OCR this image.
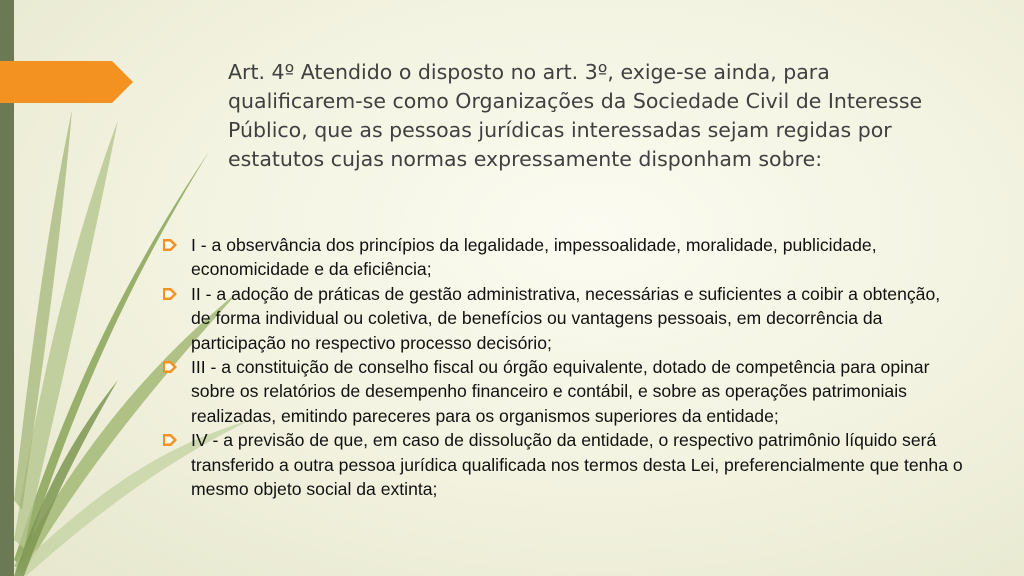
Art. 4º Atendido o disposto no art. 3º, exige-se ainda, para qualificarem-se como Organizações da Sociedade Civil de Interesse Público, que as pessoas jurídicas interessadas sejam regidas por estatutos cujas normas expressamente disponham sobre:
I - a observância dos princípios da legalidade, impessoalidade, moralidade, publicidade, economicidade e da eficiência;
II - a adoção de práticas de gestão administrativa, necessárias e suficientes a coibir a obtenção, de forma individual ou coletiva, de benefícios ou vantagens pessoais, em decorrência da participação no respectivo processo decisório;
III - a constituição de conselho fiscal ou órgão equivalente, dotado de competência para opinar sobre os relatórios de desempenho financeiro e contábil, e sobre as operações patrimoniais realizadas, emitindo pareceres para os organismos superiores da entidade;
IV - a previsão de que, em caso de dissolução da entidade, o respectivo patrimônio líquido será transferido a outra pessoa jurídica qualificada nos termos desta Lei, preferencialmente que tenha o mesmo objeto social da extinta;
